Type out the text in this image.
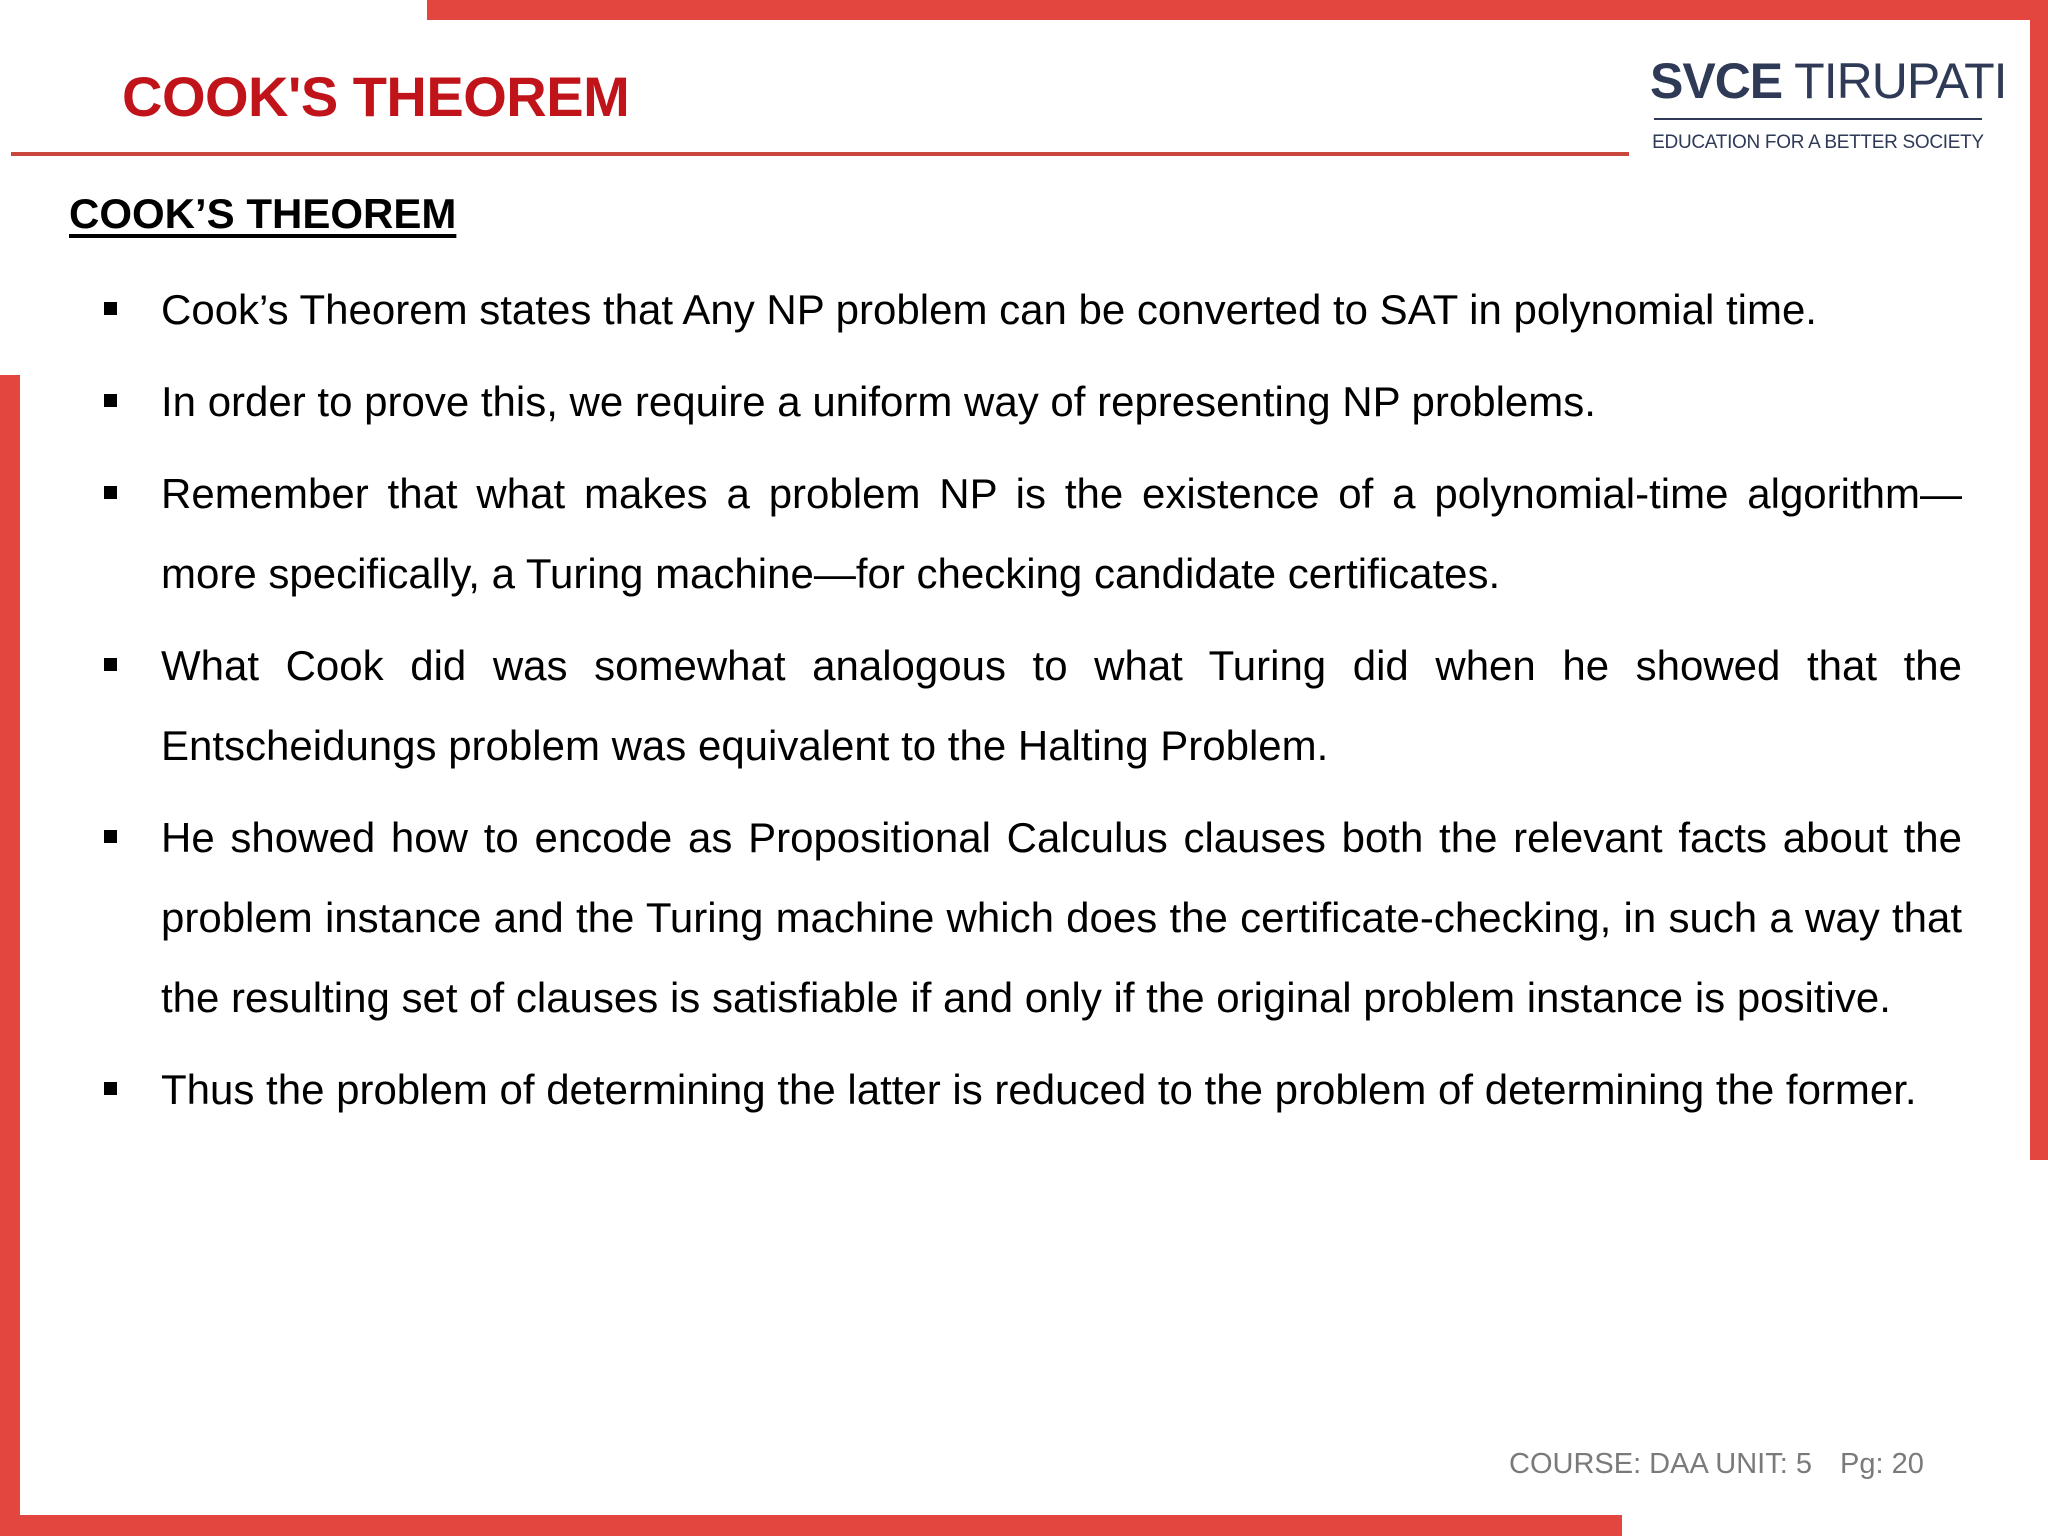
COOK'S THEOREM	SVCE TIRUPATI
EDUCATION FOR A BETTER SOCIETY
COOK’S THEOREM
Cook’s Theorem states that Any NP problem can be converted to SAT in polynomial time.
In order to prove this, we require a uniform way of representing NP problems.
Remember that what makes a problem NP is the existence of a polynomial-time algorithm—more specifically, a Turing machine—for checking candidate certificates.
What Cook did was somewhat analogous to what Turing did when he showed that the Entscheidungs problem was equivalent to the Halting Problem.
He showed how to encode as Propositional Calculus clauses both the relevant facts about the problem instance and the Turing machine which does the certificate-checking, in such a way that the resulting set of clauses is satisfiable if and only if the original problem instance is positive.
Thus the problem of determining the latter is reduced to the problem of determining the former.
COURSE: DAA UNIT: 5 Pg: 20
